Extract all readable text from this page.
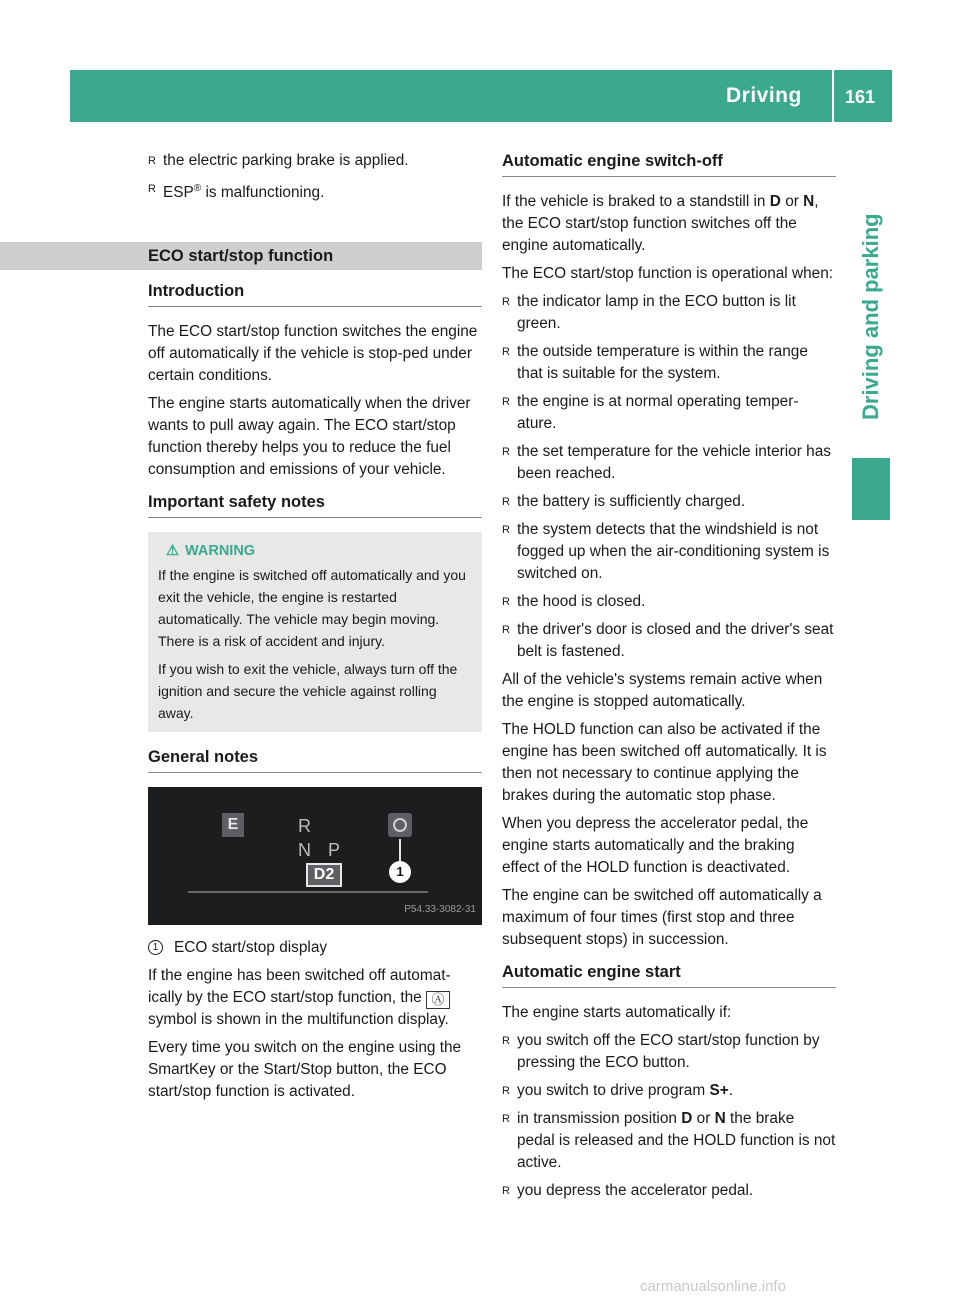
Driving 161
Driving and parking
R the electric parking brake is applied.
R ESP® is malfunctioning.
ECO start/stop function
Introduction

The ECO start/stop function switches the engine off automatically if the vehicle is stop-ped under certain conditions.

The engine starts automatically when the driver wants to pull away again. The ECO start/stop function thereby helps you to reduce the fuel consumption and emissions of your vehicle.

Important safety notes
⚠ WARNING

If the engine is switched off automatically and you exit the vehicle, the engine is restarted automatically. The vehicle may begin moving. There is a risk of accident and injury.

If you wish to exit the vehicle, always turn off the ignition and secure the vehicle against rolling away.

General notes
E	R
N P
D2	1
P54.33-3082-31
1	ECO start/stop display

If the engine has been switched off automat-ically by the ECO start/stop function, the Ⓐsymbol is shown in the multifunction display.

Every time you switch on the engine using the SmartKey or the Start/Stop button, the ECO start/stop function is activated.

Automatic engine switch-off

If the vehicle is braked to a standstill in D or N, the ECO start/stop function switches off the engine automatically.

The ECO start/stop function is operational when:

R the indicator lamp in the ECO button is lit green.
R the outside temperature is within the range that is suitable for the system.
R the engine is at normal operating temper-ature.
R the set temperature for the vehicle interior has been reached.
R the battery is sufficiently charged.
R the system detects that the windshield is not fogged up when the air-conditioning system is switched on.
R the hood is closed.
R the driver's door is closed and the driver's seat belt is fastened.

All of the vehicle's systems remain active when the engine is stopped automatically.

The HOLD function can also be activated if the engine has been switched off automatically. It is then not necessary to continue applying the brakes during the automatic stop phase.

When you depress the accelerator pedal, the engine starts automatically and the braking effect of the HOLD function is deactivated.

The engine can be switched off automatically a maximum of four times (first stop and three subsequent stops) in succession.

Automatic engine start

The engine starts automatically if:

R you switch off the ECO start/stop function by pressing the ECO button.
R you switch to drive program S+.
R in transmission position D or N the brake pedal is released and the HOLD function is not active.
R you depress the accelerator pedal.
carmanualsonline.info
